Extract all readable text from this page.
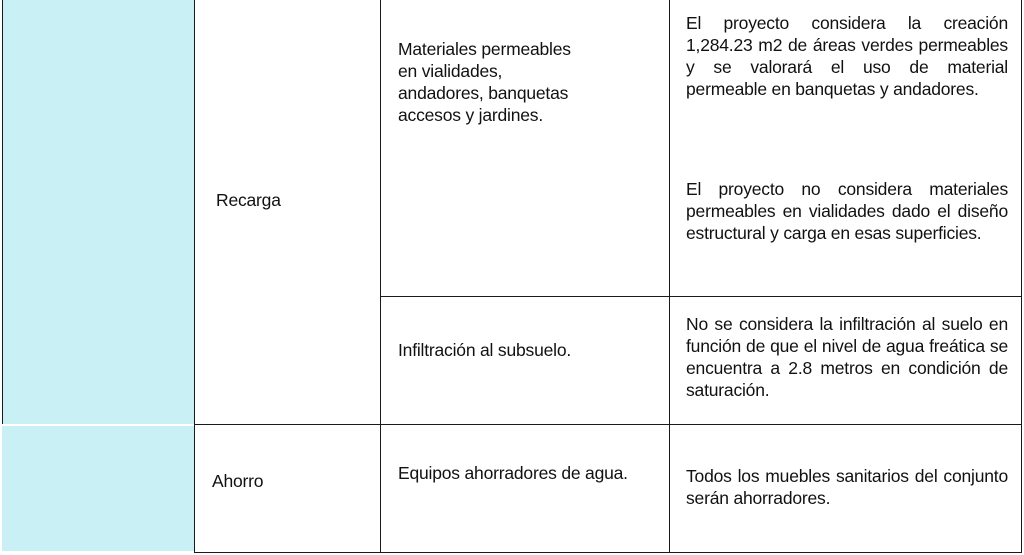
Recarga
Ahorro
Materiales permeables
en vialidades,
andadores, banquetas
accesos y jardines.
Infiltración al subsuelo.
Equipos ahorradores de agua.
El proyecto considera la creación 1,284.23 m2 de áreas verdes permeables y se valorará el uso de material permeable en banquetas y andadores.
El proyecto no considera materiales permeables en vialidades dado el diseño estructural y carga en esas superficies.
No se considera la infiltración al suelo en función de que el nivel de agua freática se encuentra a 2.8 metros en condición de saturación.
Todos los muebles sanitarios del conjunto serán ahorradores.
